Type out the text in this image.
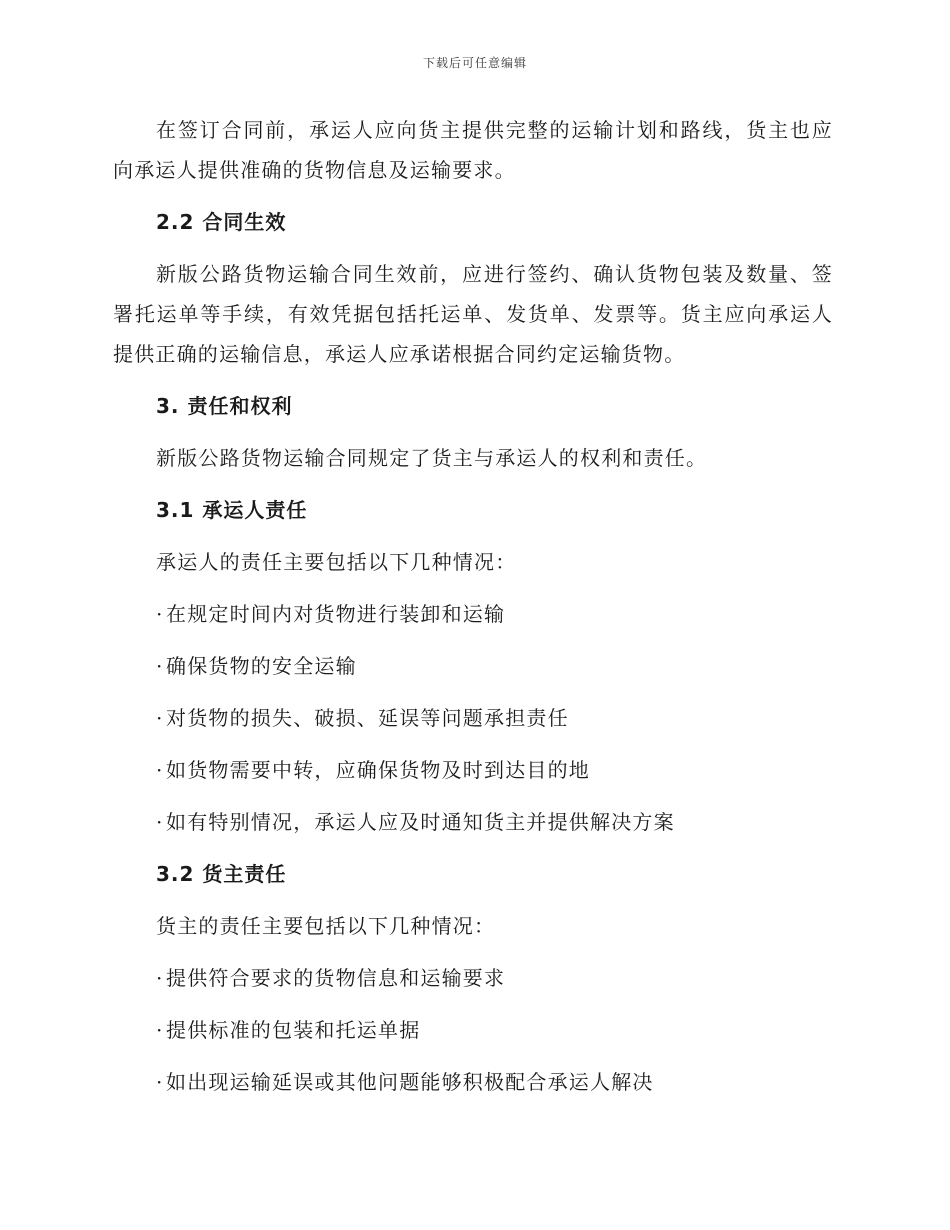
下载后可任意编辑

在签订合同前，承运人应向货主提供完整的运输计划和路线，货主也应向承运人提供准确的货物信息及运输要求。

2.2 合同生效

新版公路货物运输合同生效前，应进行签约、确认货物包装及数量、签署托运单等手续，有效凭据包括托运单、发货单、发票等。货主应向承运人提供正确的运输信息，承运人应承诺根据合同约定运输货物。

3. 责任和权利
新版公路货物运输合同规定了货主与承运人的权利和责任。
3.1 承运人责任
承运人的责任主要包括以下几种情况：
· 在规定时间内对货物进行装卸和运输
· 确保货物的安全运输
· 对货物的损失、破损、延误等问题承担责任
· 如货物需要中转，应确保货物及时到达目的地
· 如有特别情况，承运人应及时通知货主并提供解决方案
3.2 货主责任
货主的责任主要包括以下几种情况：
· 提供符合要求的货物信息和运输要求
· 提供标准的包装和托运单据
· 如出现运输延误或其他问题能够积极配合承运人解决
